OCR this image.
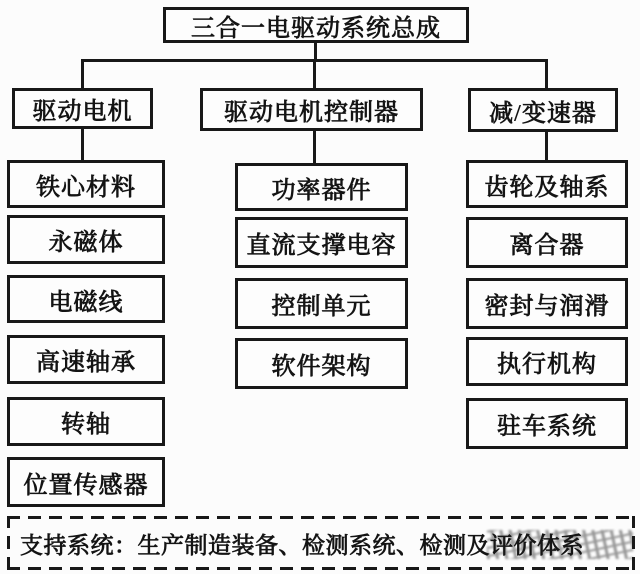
三合一电驱动系统总成
驱动电机	驱动电机控制器	减/变速器
铁心材料
永磁体
电磁线
高速轴承
转轴
位置传感器
功率器件
直流支撑电容
控制单元
软件架构
齿轮及轴系
离合器
密封与润滑
执行机构
驻车系统
支持系统：生产制造装备、检测系统、检测及评价体系
